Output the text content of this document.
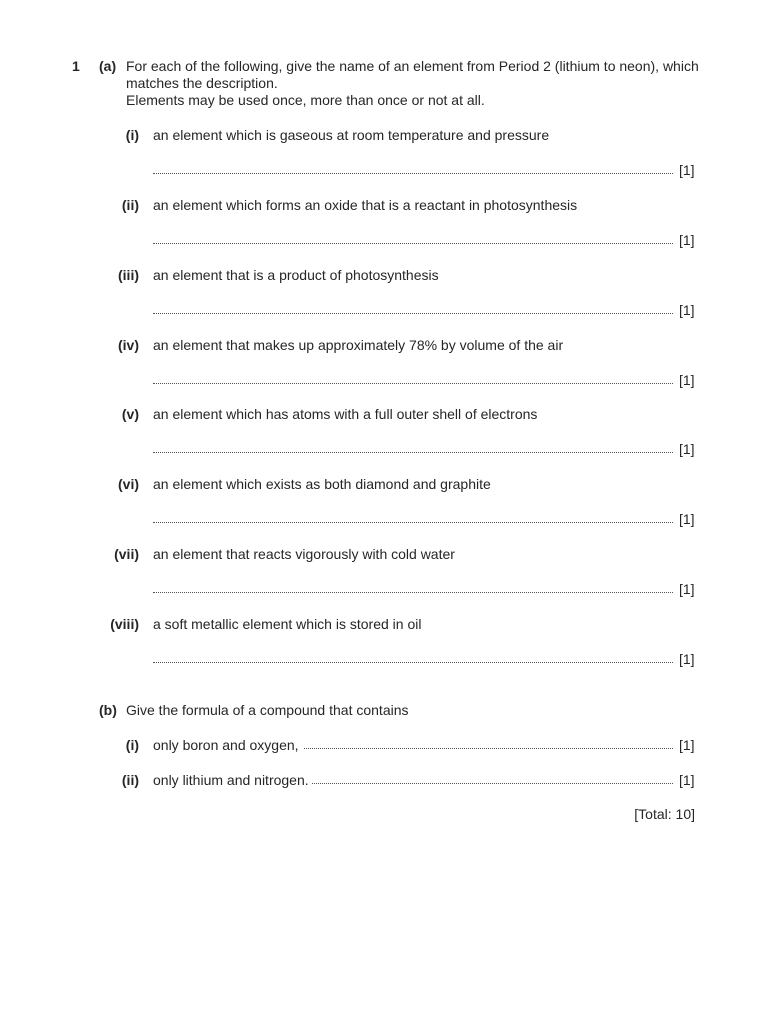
1 (a) For each of the following, give the name of an element from Period 2 (lithium to neon), which matches the description.
Elements may be used once, more than once or not at all.
(i) an element which is gaseous at room temperature and pressure
[1]
(ii) an element which forms an oxide that is a reactant in photosynthesis
[1]
(iii) an element that is a product of photosynthesis
[1]
(iv) an element that makes up approximately 78% by volume of the air
[1]
(v) an element which has atoms with a full outer shell of electrons
[1]
(vi) an element which exists as both diamond and graphite
[1]
(vii) an element that reacts vigorously with cold water
[1]
(viii) a soft metallic element which is stored in oil
[1]
(b) Give the formula of a compound that contains
(i) only boron and oxygen,	[1]
(ii) only lithium and nitrogen.	[1]
[Total: 10]
